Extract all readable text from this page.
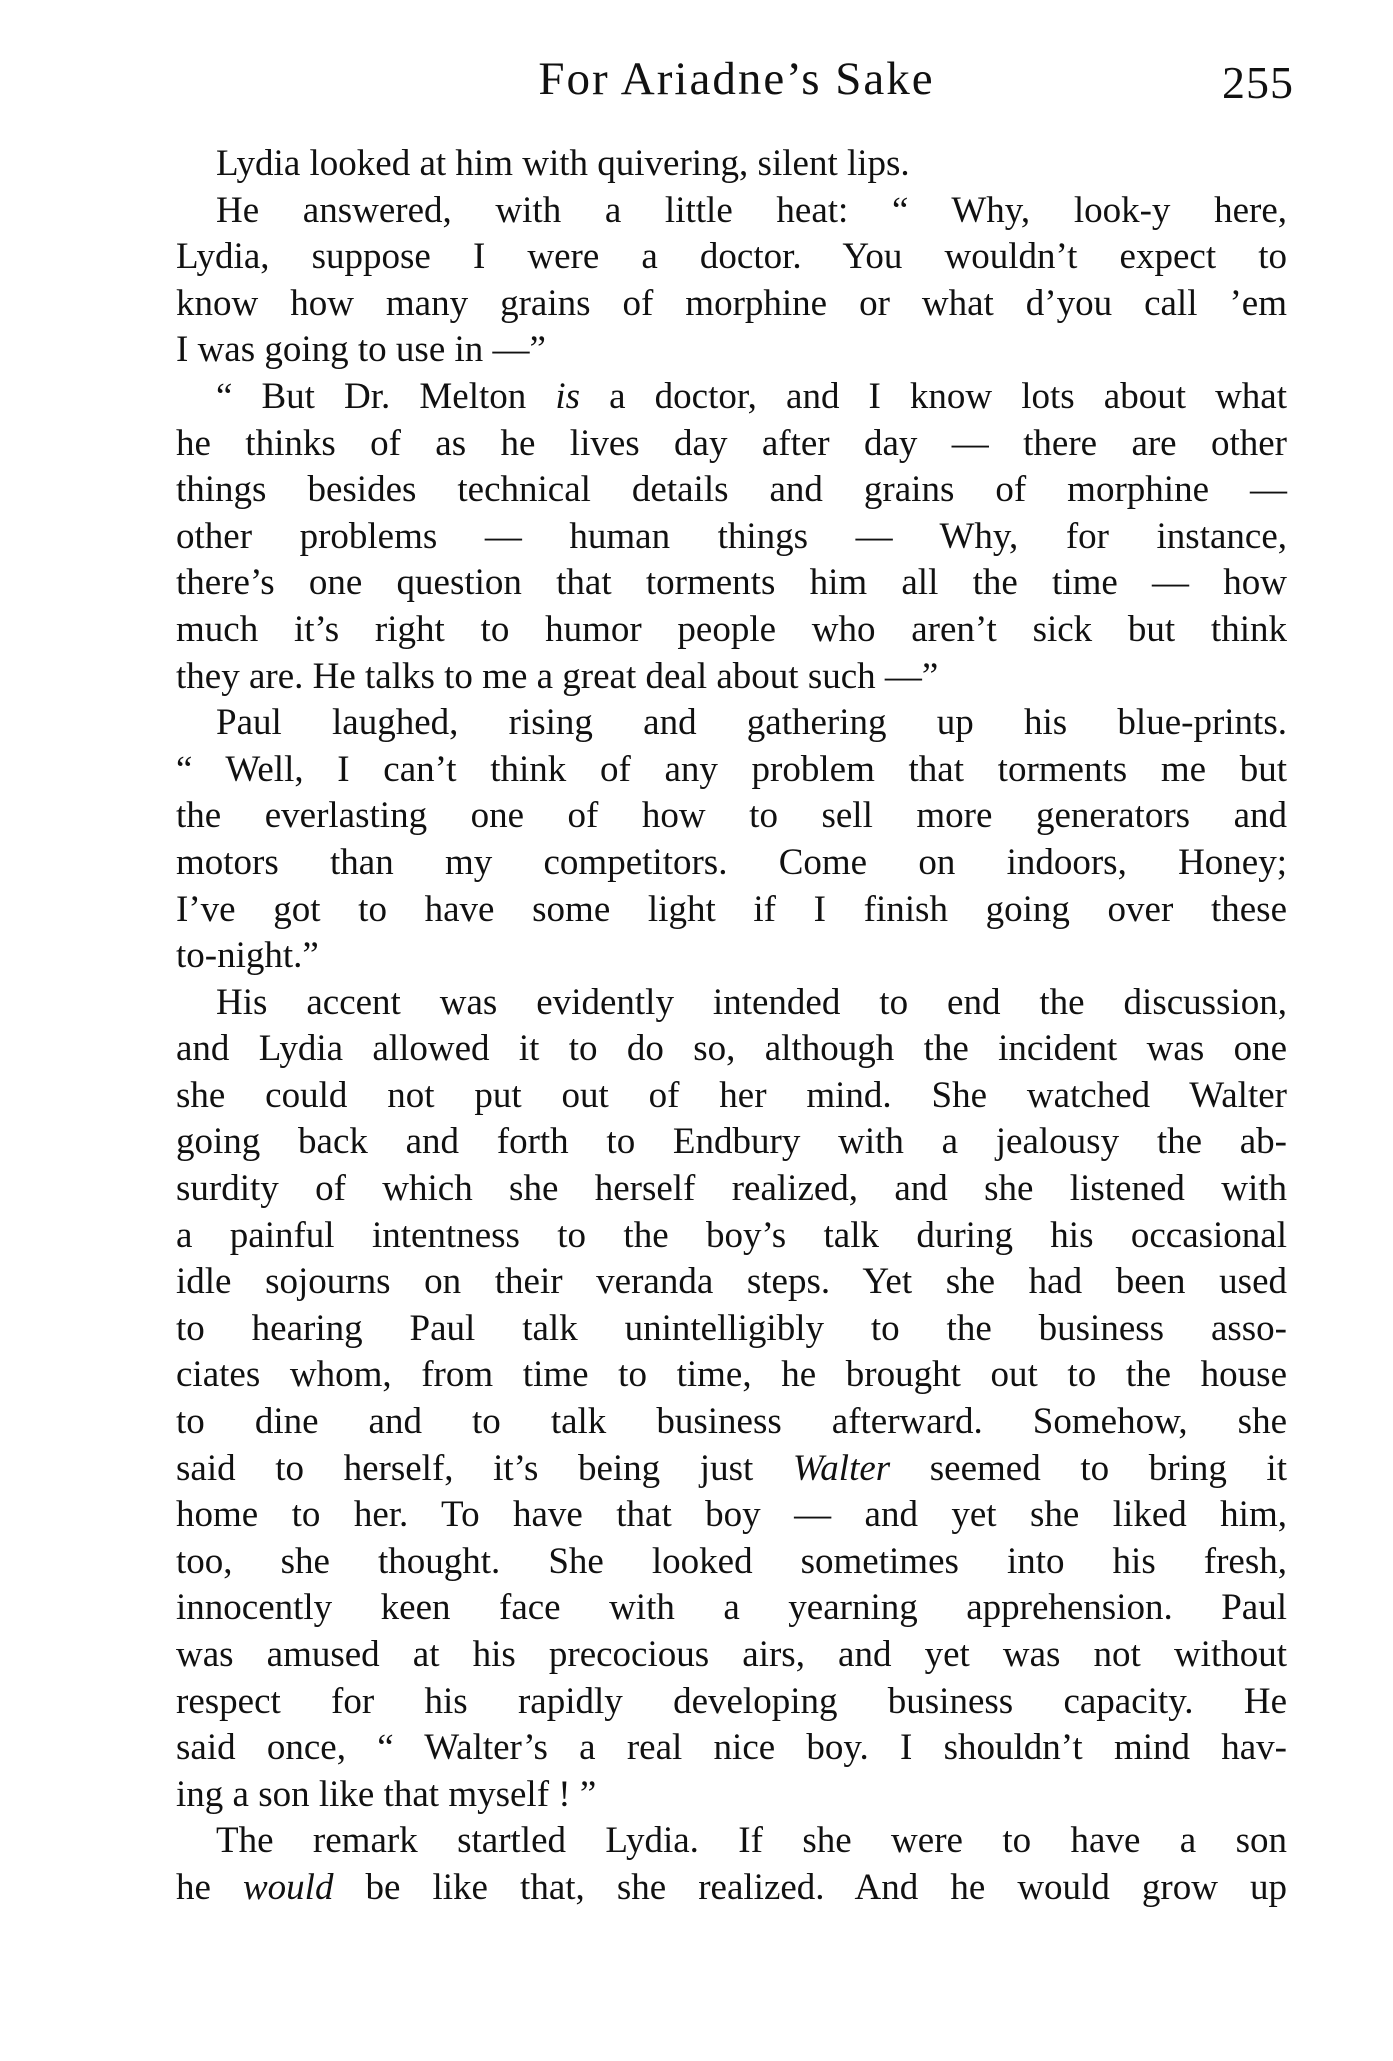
For Ariadne’s Sake	255
Lydia looked at him with quivering, silent lips.
He answered, with a little heat: “ Why, look-y here,
Lydia, suppose I were a doctor. You wouldn’t expect to
know how many grains of morphine or what d’you call ’em
I was going to use in —”
“ But Dr. Melton is a doctor, and I know lots about what
he thinks of as he lives day after day — there are other
things besides technical details and grains of morphine —
other problems — human things — Why, for instance,
there’s one question that torments him all the time — how
much it’s right to humor people who aren’t sick but think
they are. He talks to me a great deal about such —”
Paul laughed, rising and gathering up his blue-prints.
“ Well, I can’t think of any problem that torments me but
the everlasting one of how to sell more generators and
motors than my competitors. Come on indoors, Honey;
I’ve got to have some light if I finish going over these
to-night.”
His accent was evidently intended to end the discussion,
and Lydia allowed it to do so, although the incident was one
she could not put out of her mind. She watched Walter
going back and forth to Endbury with a jealousy the ab-
surdity of which she herself realized, and she listened with
a painful intentness to the boy’s talk during his occasional
idle sojourns on their veranda steps. Yet she had been used
to hearing Paul talk unintelligibly to the business asso-
ciates whom, from time to time, he brought out to the house
to dine and to talk business afterward. Somehow, she
said to herself, it’s being just Walter seemed to bring it
home to her. To have that boy — and yet she liked him,
too, she thought. She looked sometimes into his fresh,
innocently keen face with a yearning apprehension. Paul
was amused at his precocious airs, and yet was not without
respect for his rapidly developing business capacity. He
said once, “ Walter’s a real nice boy. I shouldn’t mind hav-
ing a son like that myself ! ”
The remark startled Lydia. If she were to have a son
he would be like that, she realized. And he would grow up
